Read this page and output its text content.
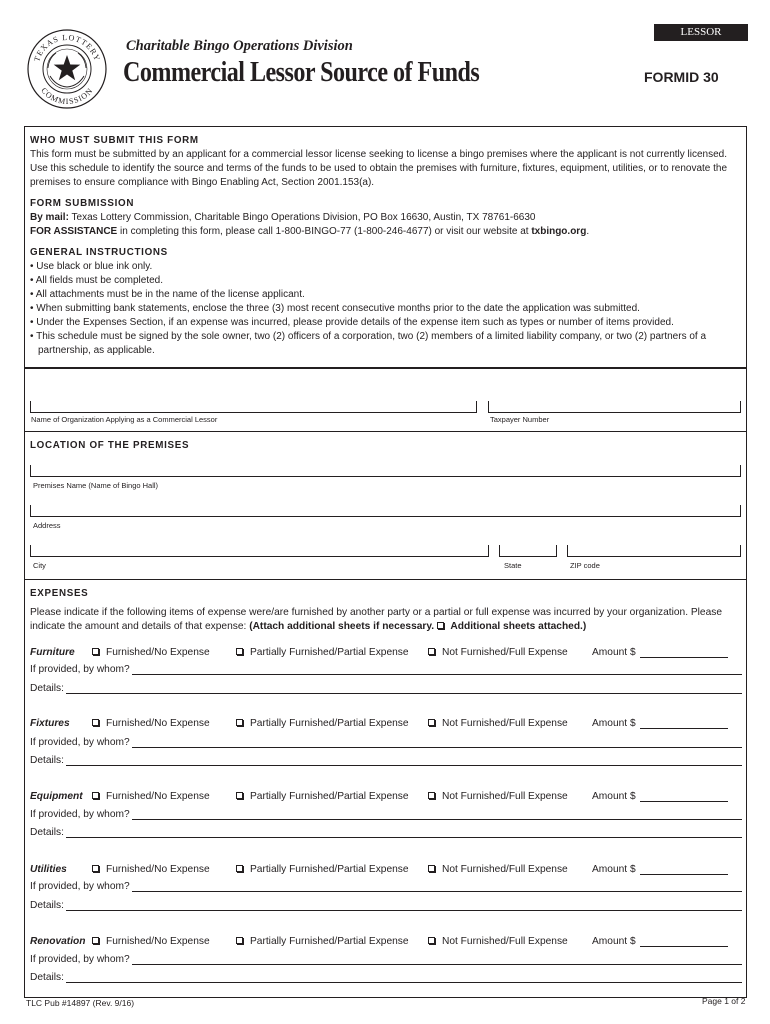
LESSOR
TEXAS LOTTERY
COMMISSION
Charitable Bingo Operations Division
Commercial Lessor Source of Funds	FORMID 30
WHO MUST SUBMIT THIS FORM
This form must be submitted by an applicant for a commercial lessor license seeking to license a bingo premises where the applicant is not currently licensed. Use this schedule to identify the source and terms of the funds to be used to obtain the premises with furniture, fixtures, equipment, utilities, or to renovate the premises to ensure compliance with Bingo Enabling Act, Section 2001.153(a).
FORM SUBMISSION
By mail: Texas Lottery Commission, Charitable Bingo Operations Division, PO Box 16630, Austin, TX 78761-6630
FOR ASSISTANCE in completing this form, please call 1-800-BINGO-77 (1-800-246-4677) or visit our website at txbingo.org.
GENERAL INSTRUCTIONS
• Use black or blue ink only.
• All fields must be completed.
• All attachments must be in the name of the license applicant.
• When submitting bank statements, enclose the three (3) most recent consecutive months prior to the date the application was submitted.
• Under the Expenses Section, if an expense was incurred, please provide details of the expense item such as types or number of items provided.
• This schedule must be signed by the sole owner, two (2) officers of a corporation, two (2) members of a limited liability company, or two (2) partners of a partnership, as applicable.
Name of Organization Applying as a Commercial Lessor	Taxpayer Number
LOCATION OF THE PREMISES
Premises Name (Name of Bingo Hall)
Address
City	State	ZIP code
EXPENSES
Please indicate if the following items of expense were/are furnished by another party or a partial or full expense was incurred by your organization. Please indicate the amount and details of that expense: (Attach additional sheets if necessary.  Additional sheets attached.)
Furniture	Furnished/No Expense	Partially Furnished/Partial Expense	Not Furnished/Full Expense Amount $
If provided, by whom?
Details:
Fixtures	Furnished/No Expense	Partially Furnished/Partial Expense	Not Furnished/Full Expense Amount $
If provided, by whom?
Details:
Equipment	Furnished/No Expense	Partially Furnished/Partial Expense	Not Furnished/Full Expense Amount $
If provided, by whom?
Details:
Utilities	Furnished/No Expense	Partially Furnished/Partial Expense	Not Furnished/Full Expense Amount $
If provided, by whom?
Details:
Renovation	Furnished/No Expense	Partially Furnished/Partial Expense	Not Furnished/Full Expense Amount $
If provided, by whom?
Details:
TLC Pub #14897 (Rev. 9/16)	Page 1 of 2
